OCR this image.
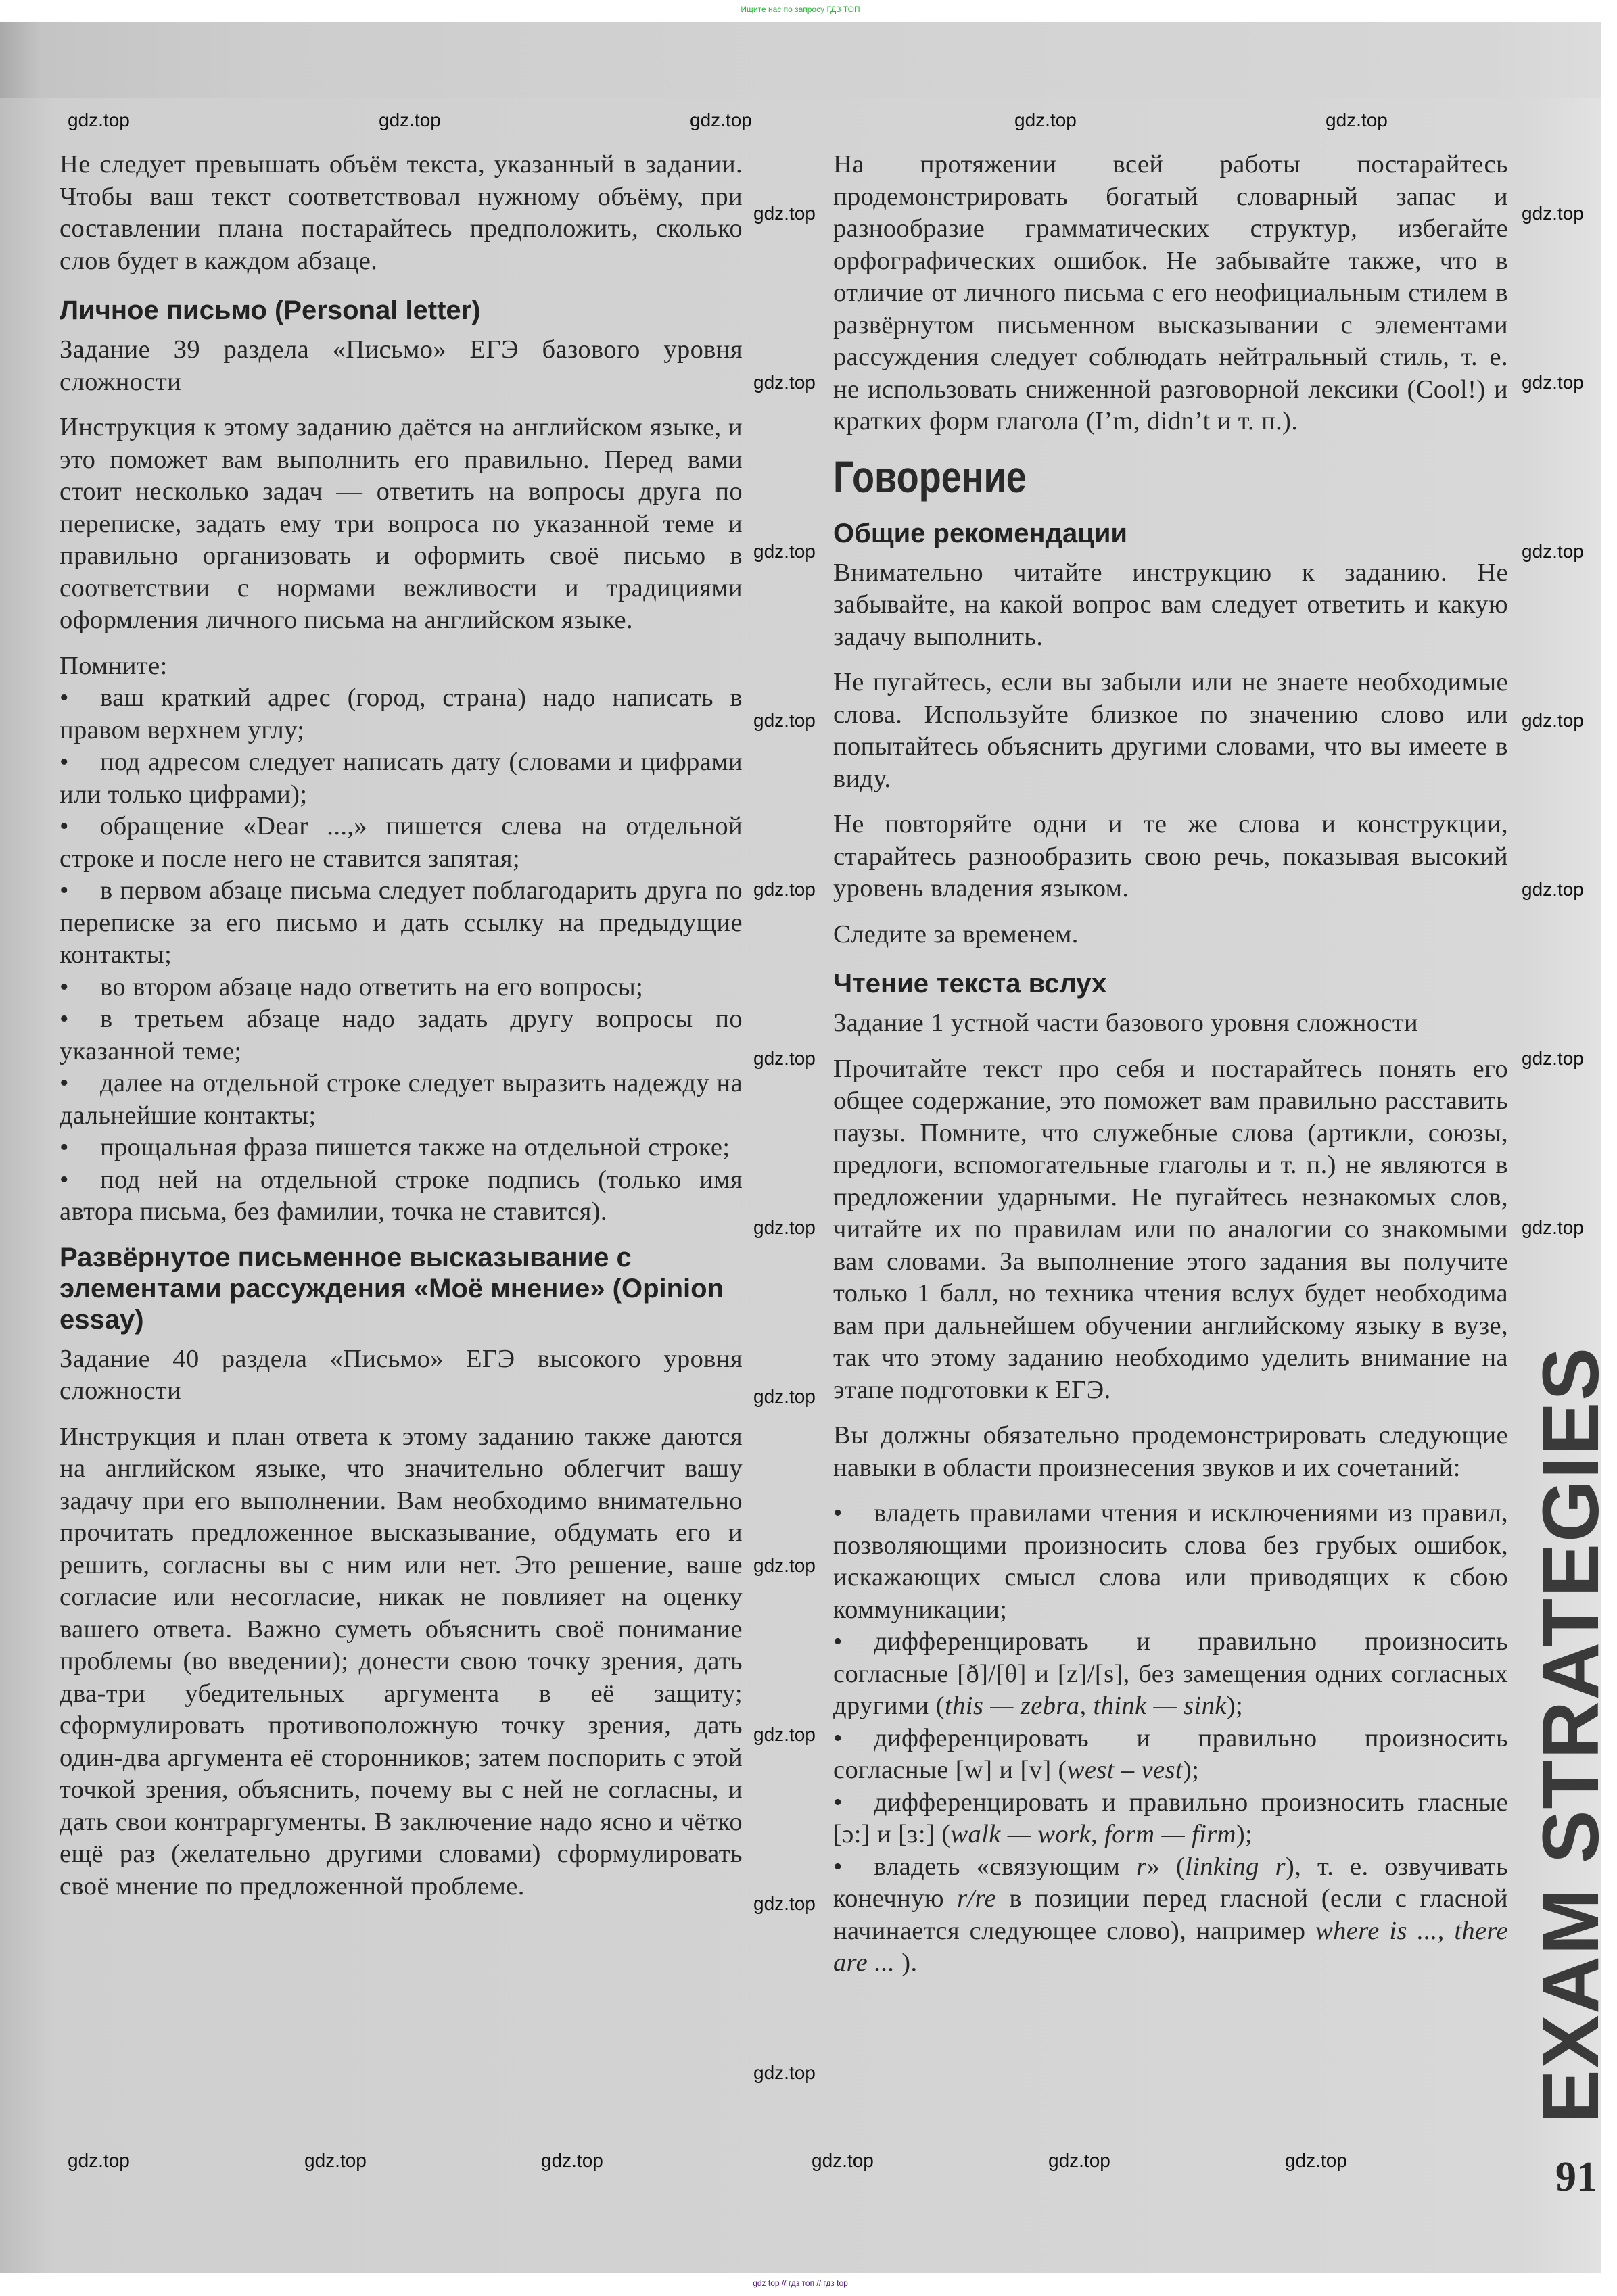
Ищите нас по запросу ГДЗ ТОП
Не следует превышать объём текста, указанный в задании. Чтобы ваш текст соответствовал нужному объёму, при составлении плана постарайтесь предположить, сколько слов будет в каждом абзаце.
Личное письмо (Personal letter)
Задание 39 раздела «Письмо» ЕГЭ базового уровня сложности
Инструкция к этому заданию даётся на английском языке, и это поможет вам выполнить его правильно. Перед вами стоит несколько задач — ответить на вопросы друга по переписке, задать ему три вопроса по указанной теме и правильно организовать и оформить своё письмо в соответствии с нормами вежливости и традициями оформления личного письма на английском языке.
Помните:
• ваш краткий адрес (город, страна) надо написать в правом верхнем углу;
• под адресом следует написать дату (словами и цифрами или только цифрами);
• обращение «Dear ...,» пишется слева на отдельной строке и после него не ставится запятая;
• в первом абзаце письма следует поблагодарить друга по переписке за его письмо и дать ссылку на предыдущие контакты;
• во втором абзаце надо ответить на его вопросы;
• в третьем абзаце надо задать другу вопросы по указанной теме;
• далее на отдельной строке следует выразить надежду на дальнейшие контакты;
• прощальная фраза пишется также на отдельной строке;
• под ней на отдельной строке подпись (только имя автора письма, без фамилии, точка не ставится).
Развёрнутое письменное высказывание с элементами рассуждения «Моё мнение» (Opinion essay)
Задание 40 раздела «Письмо» ЕГЭ высокого уровня сложности
Инструкция и план ответа к этому заданию также даются на английском языке, что значительно облегчит вашу задачу при его выполнении. Вам необходимо внимательно прочитать предложенное высказывание, обдумать его и решить, согласны вы с ним или нет. Это решение, ваше согласие или несогласие, никак не повлияет на оценку вашего ответа. Важно суметь объяснить своё понимание проблемы (во введении); донести свою точку зрения, дать два-три убедительных аргумента в её защиту; сформулировать противоположную точку зрения, дать один-два аргумента её сторонников; затем поспорить с этой точкой зрения, объяснить, почему вы с ней не согласны, и дать свои контраргументы. В заключение надо ясно и чётко ещё раз (желательно другими словами) сформулировать своё мнение по предложенной проблеме.
На протяжении всей работы постарайтесь продемонстрировать богатый словарный запас и разнообразие грамматических структур, избегайте орфографических ошибок. Не забывайте также, что в отличие от личного письма с его неофициальным стилем в развёрнутом письменном высказывании с элементами рассуждения следует соблюдать нейтральный стиль, т. е. не использовать сниженной разговорной лексики (Cool!) и кратких форм глагола (I’m, didn’t и т. п.).
Говорение
Общие рекомендации
Внимательно читайте инструкцию к заданию. Не забывайте, на какой вопрос вам следует ответить и какую задачу выполнить.
Не пугайтесь, если вы забыли или не знаете необходимые слова. Используйте близкое по значению слово или попытайтесь объяснить другими словами, что вы имеете в виду.
Не повторяйте одни и те же слова и конструкции, старайтесь разнообразить свою речь, показывая высокий уровень владения языком.
Следите за временем.
Чтение текста вслух
Задание 1 устной части базового уровня сложности
Прочитайте текст про себя и постарайтесь понять его общее содержание, это поможет вам правильно расставить паузы. Помните, что служебные слова (артикли, союзы, предлоги, вспомогательные глаголы и т. п.) не являются в предложении ударными. Не пугайтесь незнакомых слов, читайте их по правилам или по аналогии со знакомыми вам словами. За выполнение этого задания вы получите только 1 балл, но техника чтения вслух будет необходима вам при дальнейшем обучении английскому языку в вузе, так что этому заданию необходимо уделить внимание на этапе подготовки к ЕГЭ.
Вы должны обязательно продемонстрировать следующие навыки в области произнесения звуков и их сочетаний:
• владеть правилами чтения и исключениями из правил, позволяющими произносить слова без грубых ошибок, искажающих смысл слова или приводящих к сбою коммуникации;
• дифференцировать и правильно произносить согласные [ð]/[θ] и [z]/[s], без замещения одних согласных другими (this — zebra, think — sink);
• дифференцировать и правильно произносить согласные [w] и [v] (west – vest);
• дифференцировать и правильно произносить гласные [ɔ:] и [ɜ:] (walk — work, form — firm);
• владеть «связующим r» (linking r), т. е. озвучивать конечную r/re в позиции перед гласной (если с гласной начинается следующее слово), например where is ..., there are ... ).	EXAM STRATEGIES
91
gdz.top	gdz.top	gdz.top	gdz.top	gdz.top
gdz.top
gdz.top
gdz.top
gdz.top
gdz.top
gdz.top
gdz.top
gdz.top
gdz.top
gdz.top
gdz.top
gdz.top
gdz.top
gdz.top
gdz.top
gdz.top
gdz.top
gdz.top
gdz.top
gdz.top	gdz.top	gdz.top	gdz.top	gdz.top	gdz.top
gdz top // гдз топ // гдз top
